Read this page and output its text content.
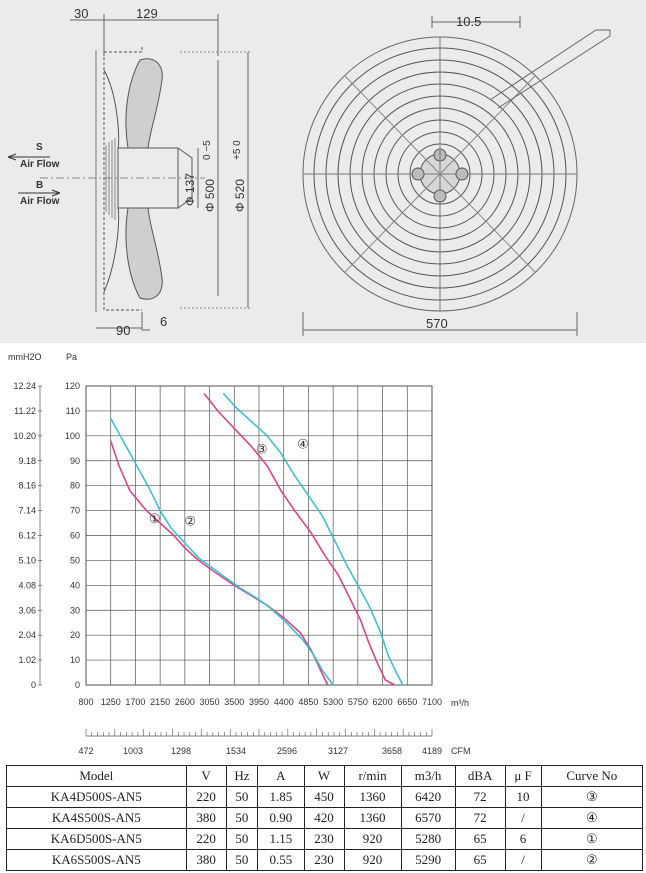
30	129
90
6
Φ 137
0 −5
Φ 500 Φ 520
+5 0
S
Air Flow
B
Air Flow
10.5
570
mmH2O	Pa
0
0
10
1.02
20
2.04
30
3.06
40
4.08
50
5.10
60
6.12
70
7.14
80
8.16
90
9.18
100
10.20
110
11.22
120
12.24
800 1250 1700 2150 2600 3050 3500 3950 4400 4850 5300 5750 6200 6650 7100
472	1003	1298	1534	2596	3127	3658 4189
① ②
③ ④
m³/h
CFM
Model	V	Hz	A	W	r/min	m3/h	dBA	μ F	Curve No
KA4D500S-AN5	220	50	1.85	450	1360	6420	72	10	③
KA4S500S-AN5	380	50	0.90	420	1360	6570	72	/	④
KA6D500S-AN5	220	50	1.15	230	920	5280	65	6	①
KA6S500S-AN5	380	50	0.55	230	920	5290	65	/	②
